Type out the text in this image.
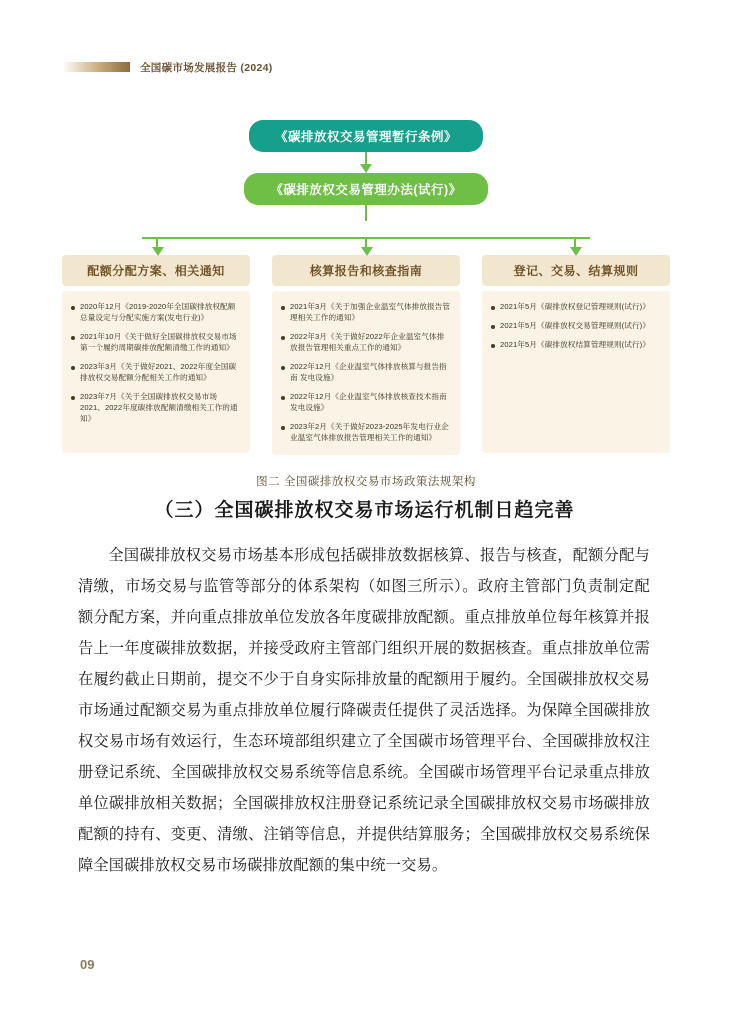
全国碳市场发展报告 (2024)
《碳排放权交易管理暂行条例》
《碳排放权交易管理办法(试行)》
配额分配方案、相关通知
2020年12月《2019-2020年全国碳排放权配额总量设定与分配实施方案(发电行业)》
2021年10月《关于做好全国碳排放权交易市场第一个履约周期碳排放配额清缴工作的通知》
2023年3月《关于做好2021、2022年度全国碳排放权交易配额分配相关工作的通知》
2023年7月《关于全国碳排放权交易市场2021、2022年度碳排放配额清缴相关工作的通知》
核算报告和核查指南
2021年3月《关于加强企业温室气体排放报告管理相关工作的通知》
2022年3月《关于做好2022年企业温室气体排放报告管理相关重点工作的通知》
2022年12月《企业温室气体排放核算与报告指南 发电设施》
2022年12月《企业温室气体排放核查技术指南 发电设施》
2023年2月《关于做好2023-2025年发电行业企业温室气体排放报告管理相关工作的通知》
登记、交易、结算规则
2021年5月《碳排放权登记管理规则(试行)》
2021年5月《碳排放权交易管理规则(试行)》
2021年5月《碳排放权结算管理规则(试行)》
图二 全国碳排放权交易市场政策法规架构
（三）全国碳排放权交易市场运行机制日趋完善
全国碳排放权交易市场基本形成包括碳排放数据核算、报告与核查，配额分配与清缴，市场交易与监管等部分的体系架构（如图三所示）。政府主管部门负责制定配额分配方案，并向重点排放单位发放各年度碳排放配额。重点排放单位每年核算并报告上一年度碳排放数据，并接受政府主管部门组织开展的数据核查。重点排放单位需在履约截止日期前，提交不少于自身实际排放量的配额用于履约。全国碳排放权交易市场通过配额交易为重点排放单位履行降碳责任提供了灵活选择。为保障全国碳排放权交易市场有效运行，生态环境部组织建立了全国碳市场管理平台、全国碳排放权注册登记系统、全国碳排放权交易系统等信息系统。全国碳市场管理平台记录重点排放单位碳排放相关数据；全国碳排放权注册登记系统记录全国碳排放权交易市场碳排放配额的持有、变更、清缴、注销等信息，并提供结算服务；全国碳排放权交易系统保障全国碳排放权交易市场碳排放配额的集中统一交易。
09
